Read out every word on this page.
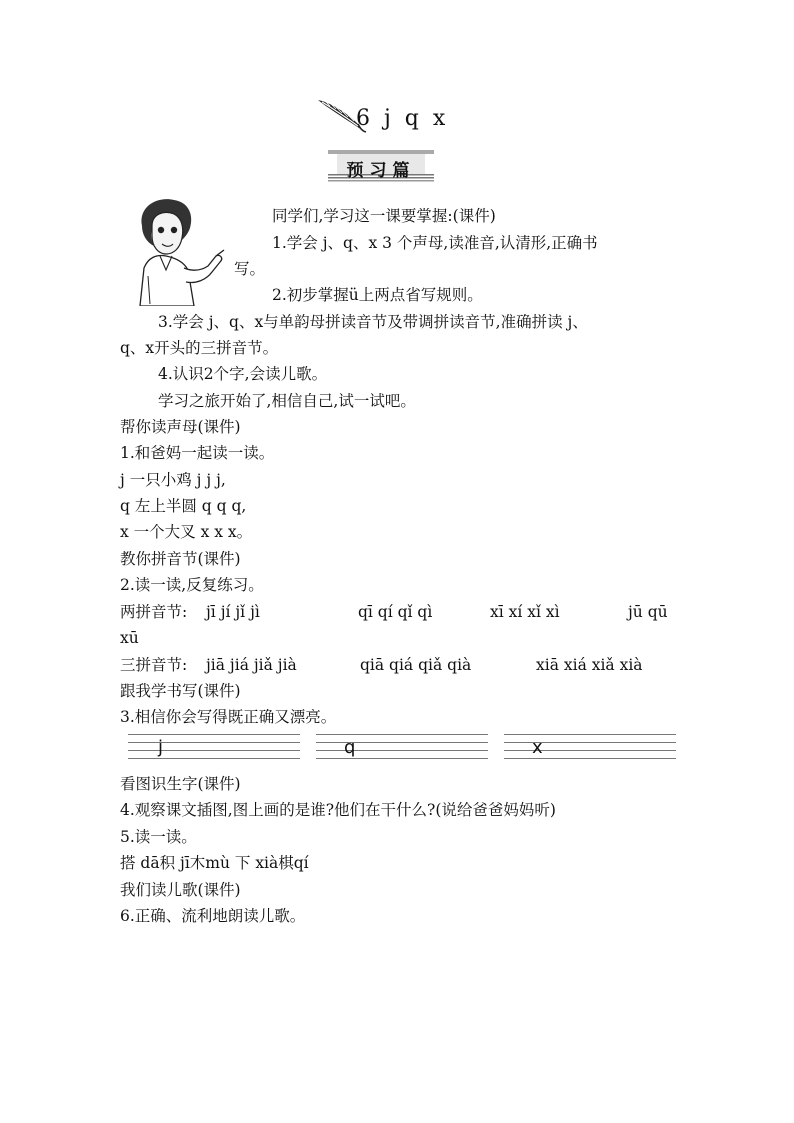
6  j  q  x
预习篇
同学们,学习这一课要掌握:(课件)
1.学会 j、q、x 3 个声母,读准音,认清形,正确书
写。
2.初步掌握ü上两点省写规则。
3.学会 j、q、x与单韵母拼读音节及带调拼读音节,准确拼读 j、
q、x开头的三拼音节。
4.认识2个字,会读儿歌。
学习之旅开始了,相信自己,试一试吧。
帮你读声母(课件)
1.和爸妈一起读一读。
j 一只小鸡 j j j,
q 左上半圆 q q q,
x 一个大叉 x x x。
教你拼音节(课件)
2.读一读,反复练习。
两拼音节: jī jí jǐ jì	qī qí qǐ qì	xī xí xǐ xì	jū qū
xū
三拼音节: jiā jiá jiǎ jià	qiā qiá qiǎ qià	xiā xiá xiǎ xià
跟我学书写(课件)
3.相信你会写得既正确又漂亮。
j	q	x
看图识生字(课件)
4.观察课文插图,图上画的是谁?他们在干什么?(说给爸爸妈妈听)
5.读一读。
搭 dā积 jī木mù 下 xià棋qí
我们读儿歌(课件)
6.正确、流利地朗读儿歌。
